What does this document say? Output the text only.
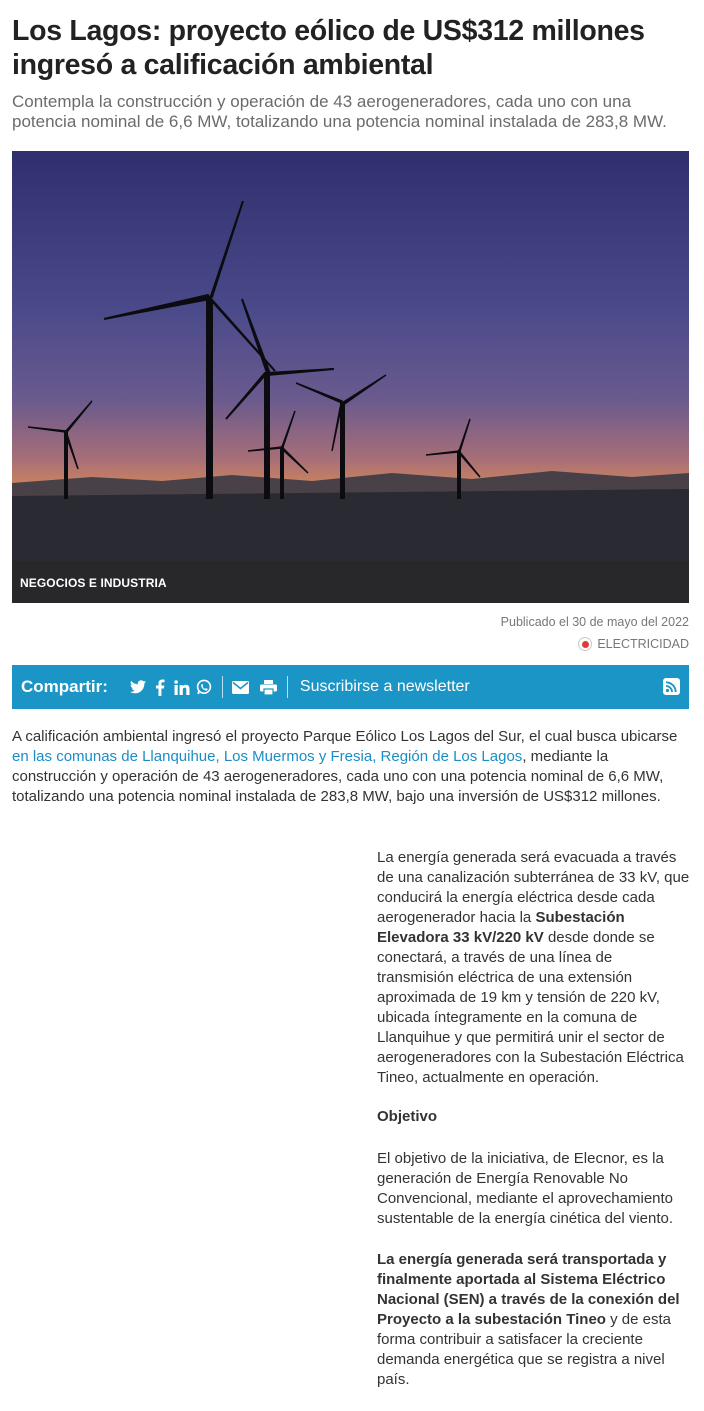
Los Lagos: proyecto eólico de US$312 millones ingresó a calificación ambiental
Contempla la construcción y operación de 43 aerogeneradores, cada uno con una potencia nominal de 6,6 MW, totalizando una potencia nominal instalada de 283,8 MW.
NEGOCIOS E INDUSTRIA
Publicado el 30 de mayo del 2022
ELECTRICIDAD
Compartir:	Suscribirse a newsletter

A calificación ambiental ingresó el proyecto Parque Eólico Los Lagos del Sur, el cual busca ubicarse en las comunas de Llanquihue, Los Muermos y Fresia, Región de Los Lagos, mediante la construcción y operación de 43 aerogeneradores, cada uno con una potencia nominal de 6,6 MW, totalizando una potencia nominal instalada de 283,8 MW, bajo una inversión de US$312 millones.

La energía generada será evacuada a través de una canalización subterránea de 33 kV, que conducirá la energía eléctrica desde cada aerogenerador hacia la Subestación Elevadora 33 kV/220 kV desde donde se conectará, a través de una línea de transmisión eléctrica de una extensión aproximada de 19 km y tensión de 220 kV, ubicada íntegramente en la comuna de Llanquihue y que permitirá unir el sector de aerogeneradores con la Subestación Eléctrica Tineo, actualmente en operación.

Objetivo

El objetivo de la iniciativa, de Elecnor, es la generación de Energía Renovable No Convencional, mediante el aprovechamiento sustentable de la energía cinética del viento.

La energía generada será transportada y finalmente aportada al Sistema Eléctrico Nacional (SEN) a través de la conexión del Proyecto a la subestación Tineo y de esta forma contribuir a satisfacer la creciente demanda energética que se registra a nivel país.
